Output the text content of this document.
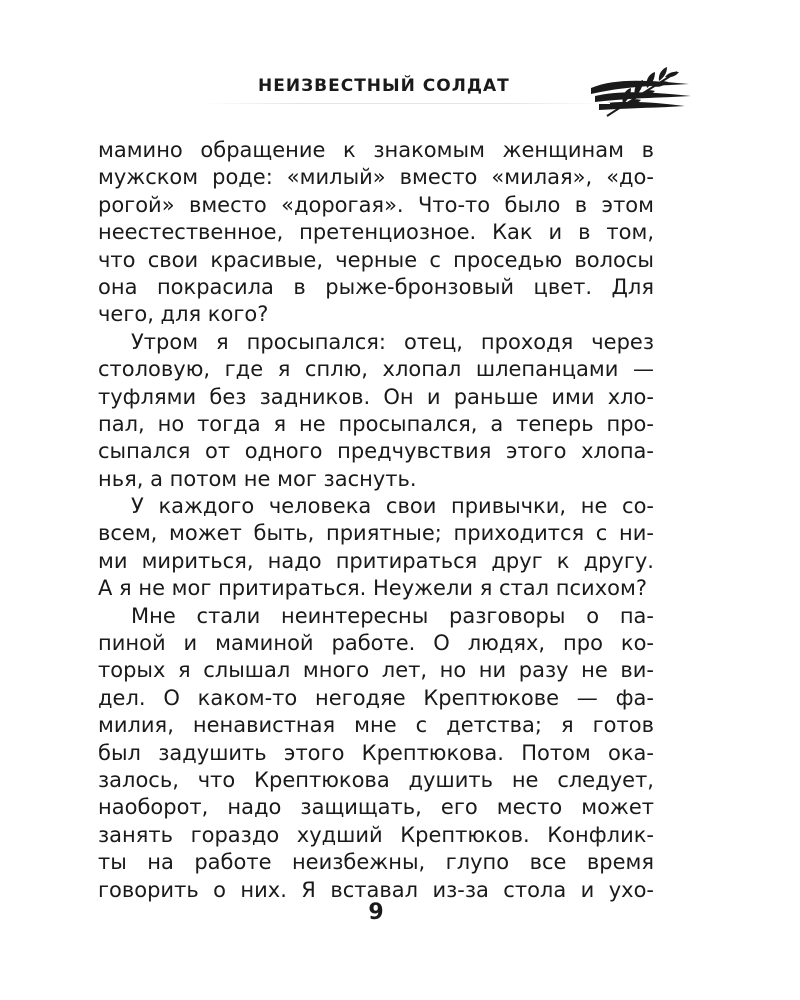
НЕИЗВЕСТНЫЙ СОЛДАТ
мамино обращение к знакомым женщинам в
мужском роде: «милый» вместо «милая», «до-
рогой» вместо «дорогая». Что-то было в этом
неестественное, претенциозное. Как и в том,
что свои красивые, черные с проседью волосы
она покрасила в рыже-бронзовый цвет. Для
чего, для кого?
Утром я просыпался: отец, проходя через
столовую, где я сплю, хлопал шлепанцами —
туфлями без задников. Он и раньше ими хло-
пал, но тогда я не просыпался, а теперь про-
сыпался от одного предчувствия этого хлопа-
нья, а потом не мог заснуть.
У каждого человека свои привычки, не со-
всем, может быть, приятные; приходится с ни-
ми мириться, надо притираться друг к другу.
А я не мог притираться. Неужели я стал психом?
Мне стали неинтересны разговоры о па-
пиной и маминой работе. О людях, про ко-
торых я слышал много лет, но ни разу не ви-
дел. О каком-то негодяе Крептюкове — фа-
милия, ненавистная мне с детства; я готов
был задушить этого Крептюкова. Потом ока-
залось, что Крептюкова душить не следует,
наоборот, надо защищать, его место может
занять гораздо худший Крептюков. Конфлик-
ты на работе неизбежны, глупо все время
говорить о них. Я вставал из-за стола и ухо-
9
